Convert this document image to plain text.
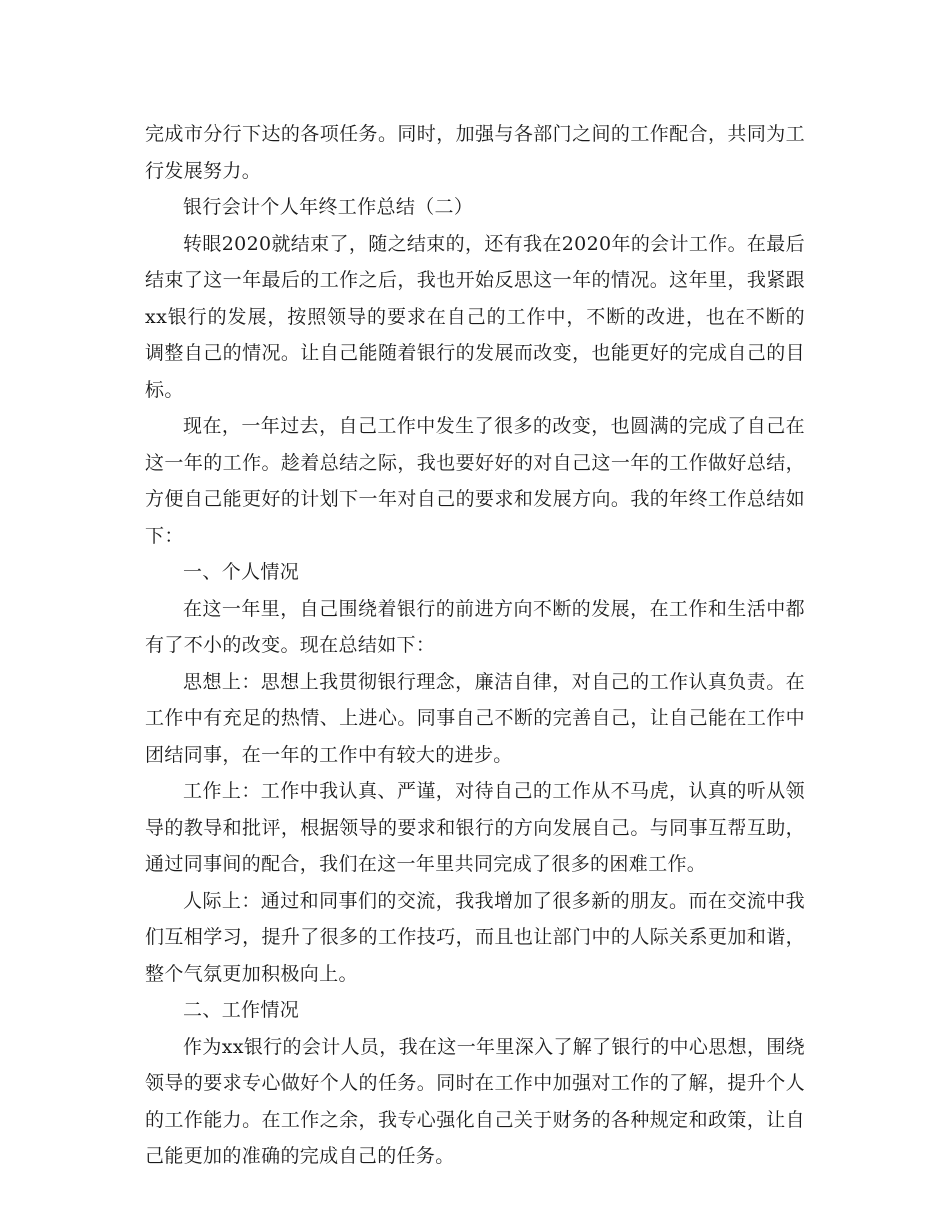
完成市分行下达的各项任务。同时，加强与各部门之间的工作配合，共同为工行发展努力。

银行会计个人年终工作总结（二）

转眼2020就结束了，随之结束的，还有我在2020年的会计工作。在最后结束了这一年最后的工作之后，我也开始反思这一年的情况。这年里，我紧跟xx银行的发展，按照领导的要求在自己的工作中，不断的改进，也在不断的调整自己的情况。让自己能随着银行的发展而改变，也能更好的完成自己的目标。

现在，一年过去，自己工作中发生了很多的改变，也圆满的完成了自己在这一年的工作。趁着总结之际，我也要好好的对自己这一年的工作做好总结，方便自己能更好的计划下一年对自己的要求和发展方向。我的年终工作总结如下：

一、个人情况

在这一年里，自己围绕着银行的前进方向不断的发展，在工作和生活中都有了不小的改变。现在总结如下：

思想上：思想上我贯彻银行理念，廉洁自律，对自己的工作认真负责。在工作中有充足的热情、上进心。同事自己不断的完善自己，让自己能在工作中团结同事，在一年的工作中有较大的进步。

工作上：工作中我认真、严谨，对待自己的工作从不马虎，认真的听从领导的教导和批评，根据领导的要求和银行的方向发展自己。与同事互帮互助，通过同事间的配合，我们在这一年里共同完成了很多的困难工作。

人际上：通过和同事们的交流，我我增加了很多新的朋友。而在交流中我们互相学习，提升了很多的工作技巧，而且也让部门中的人际关系更加和谐，整个气氛更加积极向上。

二、工作情况

作为xx银行的会计人员，我在这一年里深入了解了银行的中心思想，围绕领导的要求专心做好个人的任务。同时在工作中加强对工作的了解，提升个人的工作能力。在工作之余，我专心强化自己关于财务的各种规定和政策，让自己能更加的准确的完成自己的任务。
